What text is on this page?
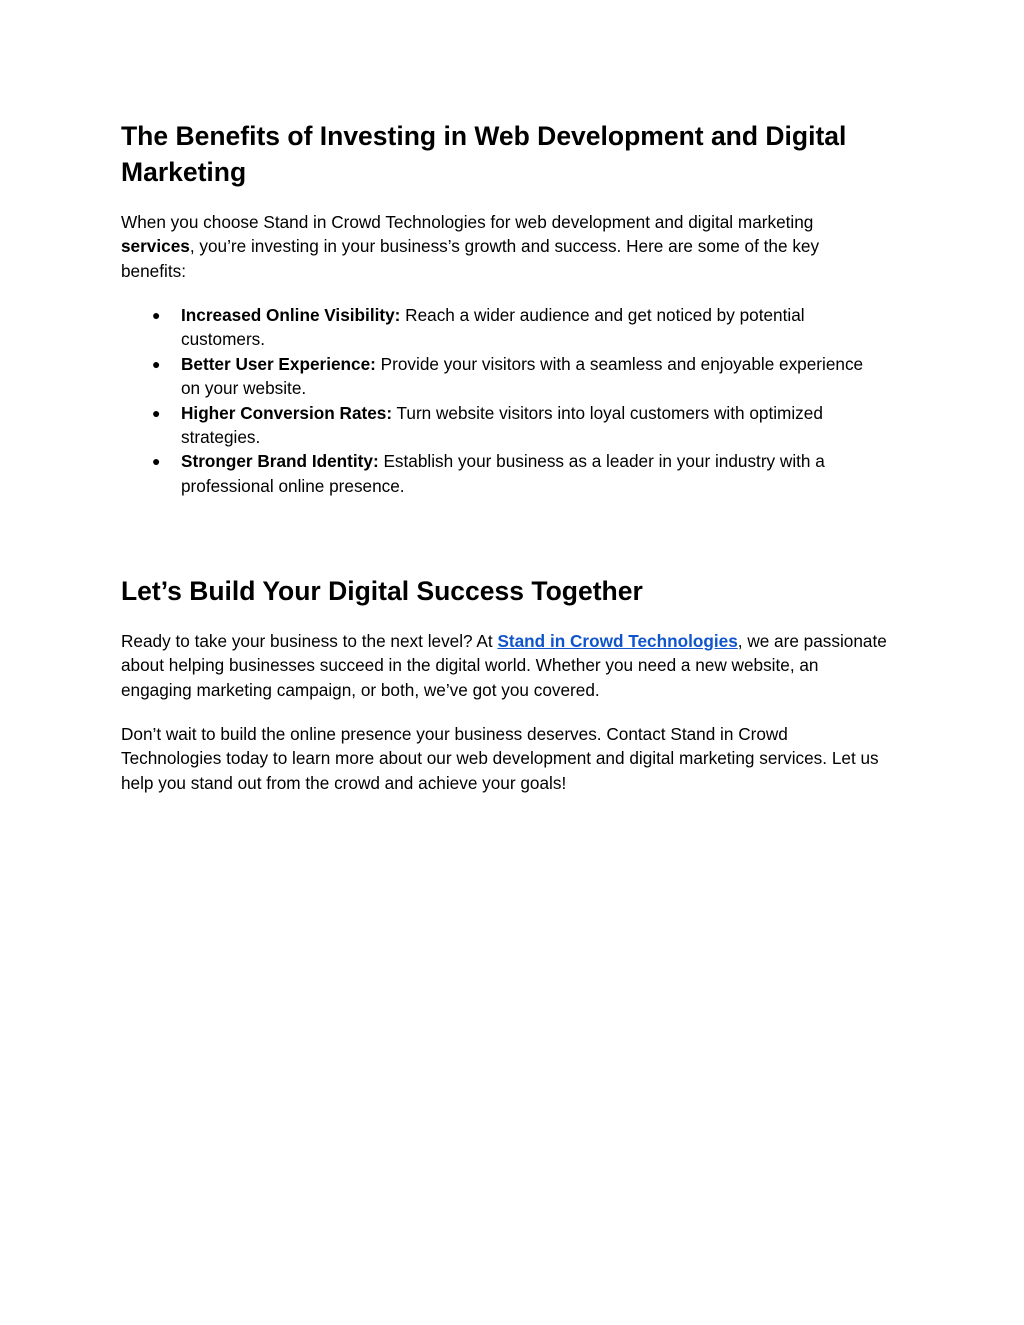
The Benefits of Investing in Web Development and Digital Marketing

When you choose Stand in Crowd Technologies for web development and digital marketing services, you’re investing in your business’s growth and success. Here are some of the key benefits:

● Increased Online Visibility: Reach a wider audience and get noticed by potential customers.
● Better User Experience: Provide your visitors with a seamless and enjoyable experience on your website.
● Higher Conversion Rates: Turn website visitors into loyal customers with optimized strategies.
● Stronger Brand Identity: Establish your business as a leader in your industry with a professional online presence.
Let’s Build Your Digital Success Together

Ready to take your business to the next level? At Stand in Crowd Technologies, we are passionate about helping businesses succeed in the digital world. Whether you need a new website, an engaging marketing campaign, or both, we’ve got you covered.

Don’t wait to build the online presence your business deserves. Contact Stand in Crowd Technologies today to learn more about our web development and digital marketing services. Let us help you stand out from the crowd and achieve your goals!
